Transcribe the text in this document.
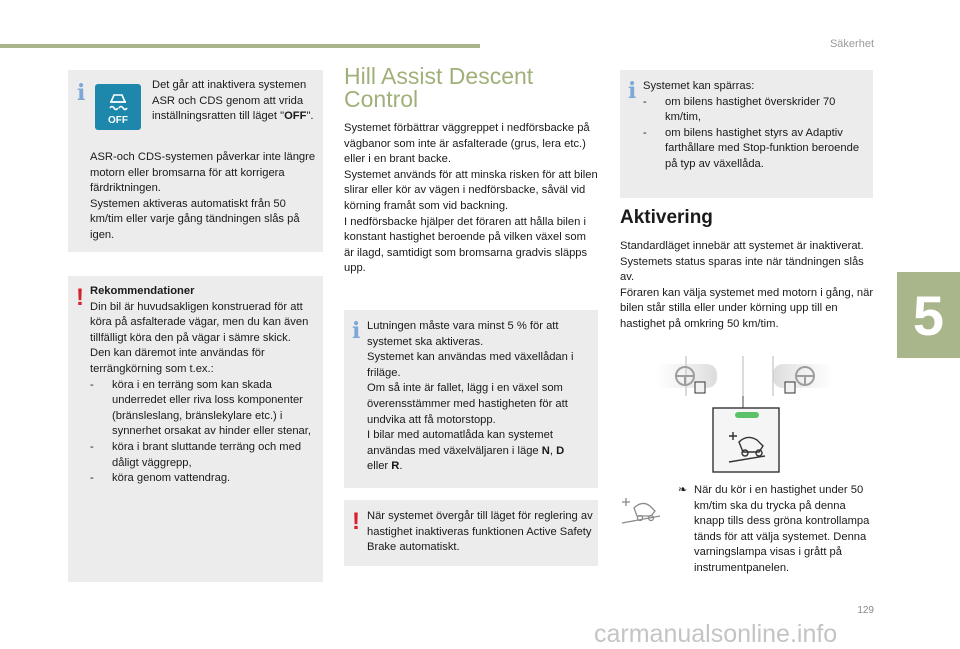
Säkerhet
5
i
OFF
Det går att inaktivera systemen ASR och CDS genom att vrida inställningsratten till läget "OFF".

ASR-och CDS-systemen påverkar inte längre motorn eller bromsarna för att korrigera färdriktningen.

Systemen aktiveras automatiskt från 50 km/tim eller varje gång tändningen slås på igen.

! Rekommendationer

Din bil är huvudsakligen konstruerad för att köra på asfalterade vägar, men du kan även tillfälligt köra den på vägar i sämre skick.

Den kan däremot inte användas för terrängkörning som t.ex.:

- köra i en terräng som kan skada underredet eller riva loss komponenter (bränsleslang, bränslekylare etc.) i synnerhet orsakat av hinder eller stenar,
- köra i brant sluttande terräng och med dåligt väggrepp,
- köra genom vattendrag.
Hill Assist Descent Control

Systemet förbättrar väggreppet i nedförsbacke på vägbanor som inte är asfalterade (grus, lera etc.) eller i en brant backe.

Systemet används för att minska risken för att bilen slirar eller kör av vägen i nedförsbacke, såväl vid körning framåt som vid backning.

I nedförsbacke hjälper det föraren att hålla bilen i konstant hastighet beroende på vilken växel som är ilagd, samtidigt som bromsarna gradvis släpps upp.

i Lutningen måste vara minst 5 % för att systemet ska aktiveras.

Systemet kan användas med växellådan i friläge.

Om så inte är fallet, lägg i en växel som överensstämmer med hastigheten för att undvika att få motorstopp.

I bilar med automatlåda kan systemet användas med växelväljaren i läge N, D
eller R.

! När systemet övergår till läget för reglering av hastighet inaktiveras funktionen Active Safety Brake automatiskt.
i Systemet kan spärras:

- om bilens hastighet överskrider 70 km/tim,
- om bilens hastighet styrs av Adaptiv farthållare med Stop-funktion beroende på typ av växellåda.
Aktivering

Standardläget innebär att systemet är inaktiverat.

Systemets status sparas inte när tändningen slås av.

Föraren kan välja systemet med motorn i gång, när bilen står stilla eller under körning upp till en hastighet på omkring 50 km/tim.

❧ När du kör i en hastighet under 50 km/tim ska du trycka på denna knapp tills dess gröna kontrollampa tänds för att välja systemet. Denna varningslampa visas i grått på instrumentpanelen.
129
carmanualsonline.info
